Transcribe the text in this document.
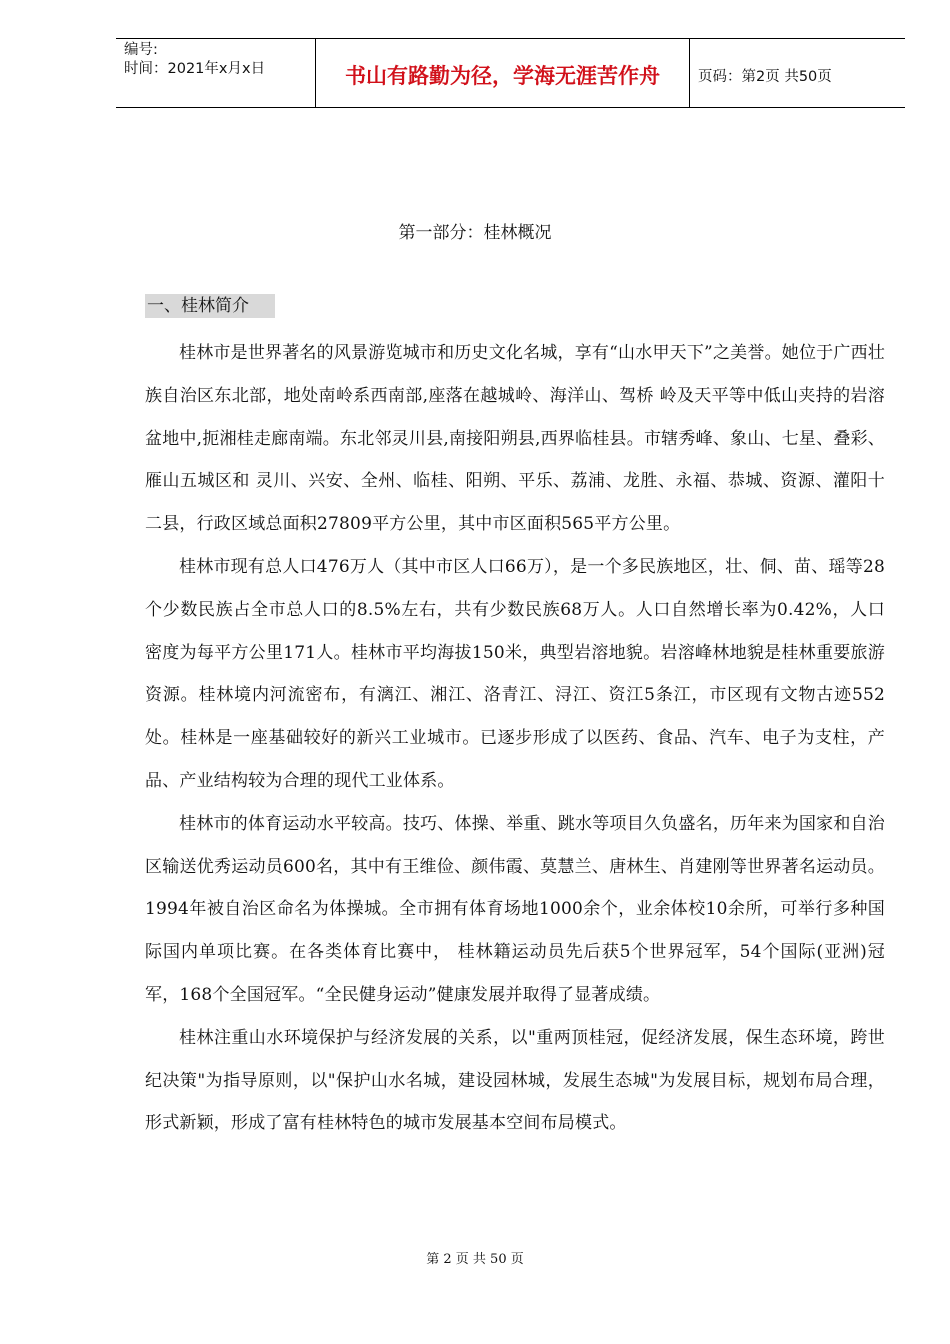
编号:
时间：2021年x月x日	书山有路勤为径，学海无涯苦作舟	页码：第2页 共50页
第一部分：桂林概况
一、桂林简介

桂林市是世界著名的风景游览城市和历史文化名城，享有“山水甲天下”之美誉。她位于广西壮族自治区东北部，地处南岭系西南部,座落在越城岭、海洋山、驾桥 岭及天平等中低山夹持的岩溶盆地中,扼湘桂走廊南端。东北邻灵川县,南接阳朔县,西界临桂县。市辖秀峰、象山、七星、叠彩、雁山五城区和 灵川、兴安、全州、临桂、阳朔、平乐、荔浦、龙胜、永福、恭城、资源、灌阳十二县，行政区域总面积27809平方公里，其中市区面积565平方公里。

桂林市现有总人口476万人（其中市区人口66万），是一个多民族地区，壮、侗、苗、瑶等28个少数民族占全市总人口的8.5%左右，共有少数民族68万人。人口自然增长率为0.42%，人口密度为每平方公里171人。桂林市平均海拔150米，典型岩溶地貌。岩溶峰林地貌是桂林重要旅游资源。桂林境内河流密布，有漓江、湘江、洛青江、浔江、资江5条江，市区现有文物古迹552处。桂林是一座基础较好的新兴工业城市。已逐步形成了以医药、食品、汽车、电子为支柱，产品、产业结构较为合理的现代工业体系。

桂林市的体育运动水平较高。技巧、体操、举重、跳水等项目久负盛名，历年来为国家和自治区输送优秀运动员600名，其中有王维俭、颜伟霞、莫慧兰、唐林生、肖建刚等世界著名运动员。1994年被自治区命名为体操城。全市拥有体育场地1000余个，业余体校10余所，可举行多种国际国内单项比赛。在各类体育比赛中， 桂林籍运动员先后获5个世界冠军，54个国际(亚洲)冠军，168个全国冠军。“全民健身运动”健康发展并取得了显著成绩。

桂林注重山水环境保护与经济发展的关系，以"重两顶桂冠，促经济发展，保生态环境，跨世纪决策"为指导原则，以"保护山水名城，建设园林城，发展生态城"为发展目标，规划布局合理，形式新颖，形成了富有桂林特色的城市发展基本空间布局模式。

第 2 页 共 50 页
